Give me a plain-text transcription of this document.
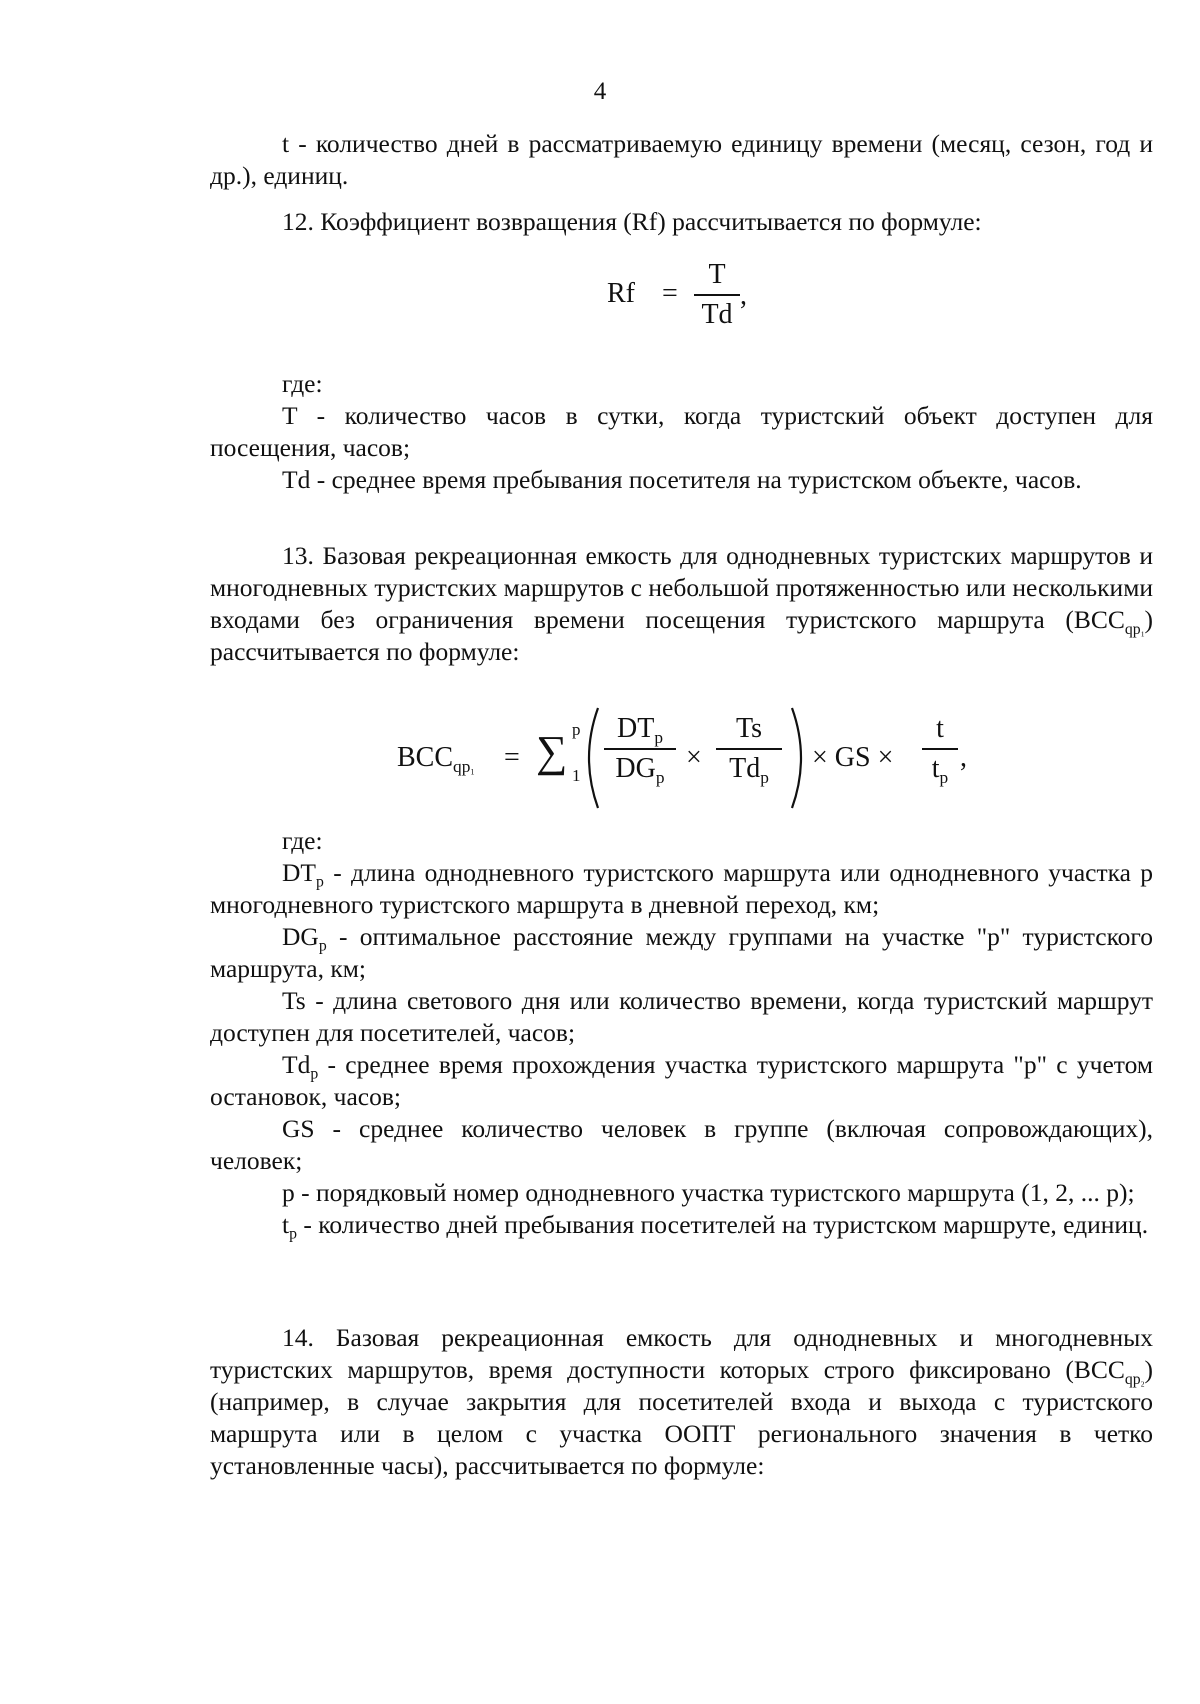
4

t - количество дней в рассматриваемую единицу времени (месяц, сезон, год и др.), единиц.

12. Коэффициент возвращения (Rf) рассчитывается по формуле:

Rf =
T
Td
,

где:

T - количество часов в сутки, когда туристский объект доступен для посещения, часов;

Td - среднее время пребывания посетителя на туристском объекте, часов.

13. Базовая рекреационная емкость для однодневных туристских маршрутов и многодневных туристских маршрутов с небольшой протяженностью или несколькими входами без ограничения времени посещения туристского маршрута $(BCC_{qp1})$ рассчитывается по формуле:

$BCC_{qp1}$ = ∑ p
1
$DT_p$
$DG_p$
×
Ts
$Td_p$
× GS ×
t
$t_p$
,

где:

$DT_p$ - длина однодневного туристского маршрута или однодневного участка p многодневного туристского маршрута в дневной переход, км;

$DG_p$ - оптимальное расстояние между группами на участке "p" туристского маршрута, км;

Ts - длина светового дня или количество времени, когда туристский маршрут доступен для посетителей, часов;

$Td_p$ - среднее время прохождения участка туристского маршрута "p" с учетом остановок, часов;

GS - среднее количество человек в группе (включая сопровождающих), человек;

p - порядковый номер однодневного участка туристского маршрута (1, 2, ... p);

$t_p$ - количество дней пребывания посетителей на туристском маршруте, единиц.

14. Базовая рекреационная емкость для однодневных и многодневных туристских маршрутов, время доступности которых строго фиксировано $(BCC_{qp2})$ (например, в случае закрытия для посетителей входа и выхода с туристского маршрута или в целом с участка ООПТ регионального значения в четко установленные часы), рассчитывается по формуле:
